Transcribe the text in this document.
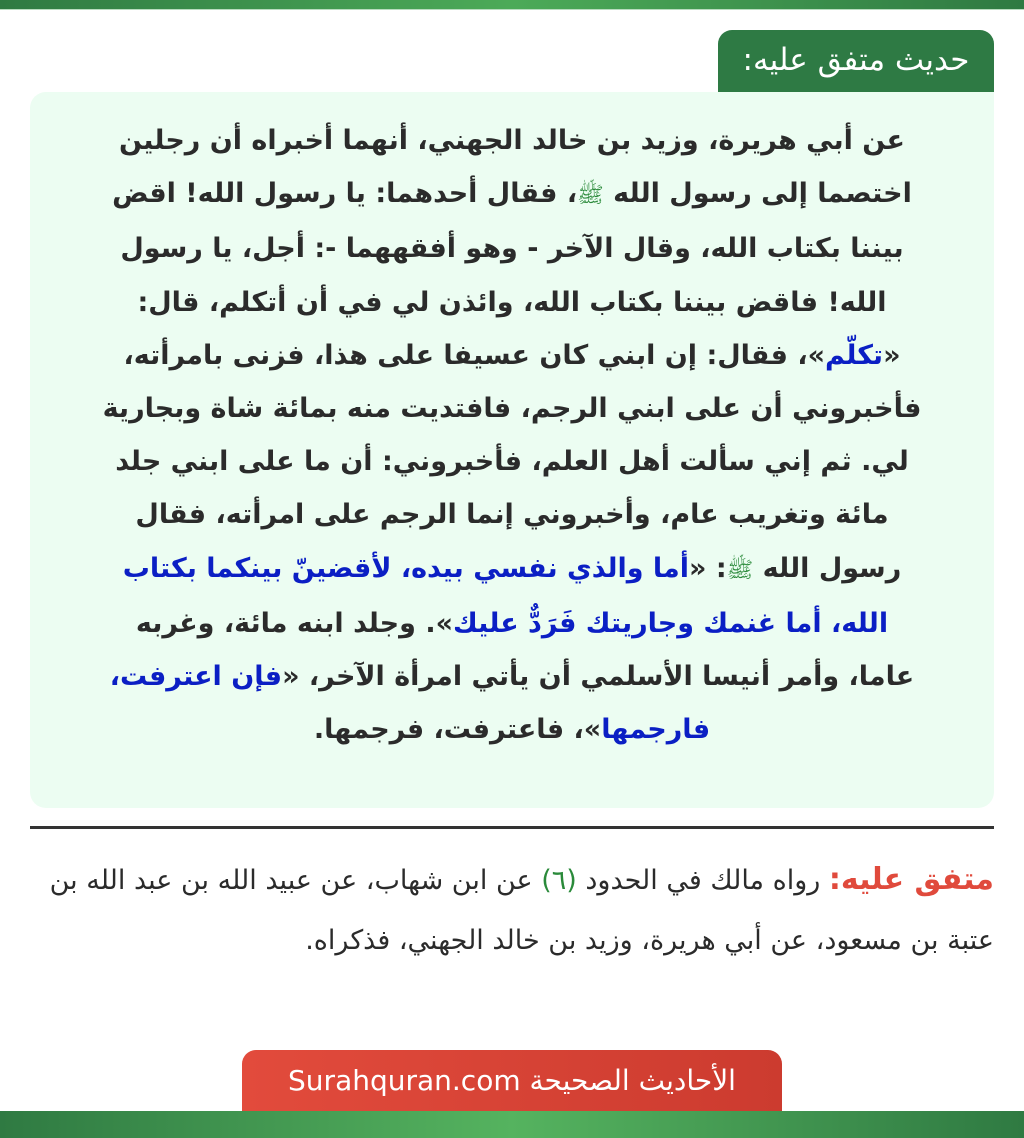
حديث متفق عليه:
عن أبي هريرة، وزيد بن خالد الجهني، أنهما أخبراه أن رجلين
اختصما إلى رسول الله ﷺ، فقال أحدهما: يا رسول الله! اقض
بيننا بكتاب الله، وقال الآخر - وهو أفقههما -: أجل، يا رسول
الله! فاقض بيننا بكتاب الله، وائذن لي في أن أتكلم، قال:
«تكلّم»، فقال: إن ابني كان عسيفا على هذا، فزنى بامرأته،
فأخبروني أن على ابني الرجم، فافتديت منه بمائة شاة وبجارية
لي. ثم إني سألت أهل العلم، فأخبروني: أن ما على ابني جلد
مائة وتغريب عام، وأخبروني إنما الرجم على امرأته، فقال
رسول الله ﷺ: «أما والذي نفسي بيده، لأقضينّ بينكما بكتاب
الله، أما غنمك وجاريتك فَرَدٌّ عليك». وجلد ابنه مائة، وغربه
عاما، وأمر أنيسا الأسلمي أن يأتي امرأة الآخر، «فإن اعترفت،
فارجمها»، فاعترفت، فرجمها.
متفق عليه: رواه مالك في الحدود (٦) عن ابن شهاب، عن عبيد الله بن عبد الله بن عتبة بن مسعود، عن أبي هريرة، وزيد بن خالد الجهني، فذكراه.
الأحاديث الصحيحة Surahquran.com
